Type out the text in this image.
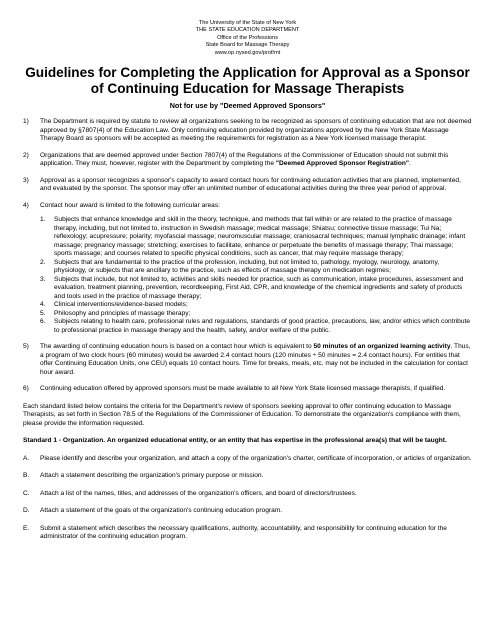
The University of the State of New York
THE STATE EDUCATION DEPARTMENT
Office of the Professions
State Board for Massage Therapy
www.op.nysed.gov/prof/mt
Guidelines for Completing the Application for Approval as a Sponsor of Continuing Education for Massage Therapists
Not for use by "Deemed Approved Sponsors"
1)	The Department is required by statute to review all organizations seeking to be recognized as sponsors of continuing education that are not deemed approved by §7807(4) of the Education Law. Only continuing education provided by organizations approved by the New York State Massage Therapy Board as sponsors will be accepted as meeting the requirements for registration as a New York licensed massage therapist.
2)	Organizations that are deemed approved under Section 7807(4) of the Regulations of the Commissioner of Education should not submit this application. They must, however, register with the Department by completing the "Deemed Approved Sponsor Registration".
3)	Approval as a sponsor recognizes a sponsor's capacity to award contact hours for continuing education activities that are planned, implemented, and evaluated by the sponsor. The sponsor may offer an unlimited number of educational activities during the three year period of approval.
4)	Contact hour award is limited to the following curricular areas:
1.	Subjects that enhance knowledge and skill in the theory, technique, and methods that fall within or are related to the practice of massage therapy, including, but not limited to, instruction in Swedish massage; medical massage; Shiatsu; connective tissue massage; Tui Na; reflexology; acupressure; polarity; myofascial massage; neuromuscular massage; craniosacral techniques; manual lymphatic drainage; infant massage; pregnancy massage; stretching; exercises to facilitate, enhance or perpetuate the benefits of massage therapy; Thai massage; sports massage; and courses related to specific physical conditions, such as cancer, that may require massage therapy;
2.	Subjects that are fundamental to the practice of the profession, including, but not limited to, pathology, myology, neurology, anatomy, physiology, or subjects that are ancillary to the practice, such as effects of massage therapy on medication regimes;
3.	Subjects that include, but not limited to, activities and skills needed for practice, such as communication, intake procedures, assessment and evaluation, treatment planning, prevention, recordkeeping, First Aid, CPR, and knowledge of the chemical ingredients and safety of products and tools used in the practice of massage therapy;
4.	Clinical interventions/evidence-based models;
5.	Philosophy and principles of massage therapy;
6.	Subjects relating to health care, professional rules and regulations, standards of good practice, precautions, law, and/or ethics which contribute to professional practice in massage therapy and the health, safety, and/or welfare of the public.
5)	The awarding of continuing education hours is based on a contact hour which is equivalent to 50 minutes of an organized learning activity. Thus, a program of two clock hours (60 minutes) would be awarded 2.4 contact hours (120 minutes ÷ 50 minutes = 2.4 contact hours). For entities that offer Continuing Education Units, one CEU) equals 10 contact hours. Time for breaks, meals, etc. may not be included in the calculation for contact hour award.
6)	Continuing education offered by approved sponsors must be made available to all New York State licensed massage therapists, if qualified.
Each standard listed below contains the criteria for the Department's review of sponsors seeking approval to offer continuing education to Massage Therapists, as set forth in Section 78.5 of the Regulations of the Commissioner of Education. To demonstrate the organization's compliance with them, please provide the information requested.
Standard 1 - Organization. An organized educational entity, or an entity that has expertise in the professional area(s) that will be taught.
A.	Please identify and describe your organization, and attach a copy of the organization's charter, certificate of incorporation, or articles of organization.
B.	Attach a statement describing the organization's primary purpose or mission.
C.	Attach a list of the names, titles, and addresses of the organization's officers, and board of directors/trustees.
D.	Attach a statement of the goals of the organization's continuing education program.
E.	Submit a statement which describes the necessary qualifications, authority, accountability, and responsibility for continuing education for the administrator of the continuing education program.
